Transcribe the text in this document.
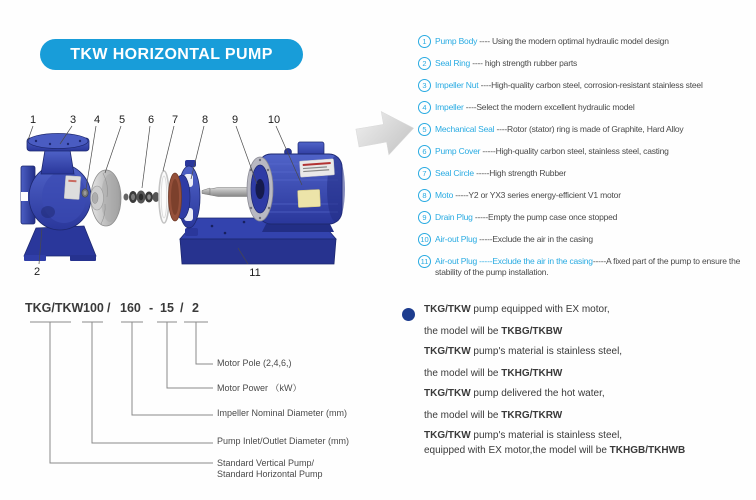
TKW HORIZONTAL PUMP
1	3 4 5 6 7 8 9	10
2	11
1 Pump Body ---- Using the modern optimal hydraulic model design
2 Seal Ring ---- high strength rubber parts
3 Impeller Nut ----High-quality carbon steel, corrosion-resistant stainless steel
4 Impeller ----Select the modern excellent hydraulic model
5 Mechanical Seal ----Rotor (stator) ring is made of Graphite, Hard Alloy
6 Pump Cover -----High-quality carbon steel, stainless steel, casting
7 Seal Circle -----High strength Rubber
8 Moto -----Y2 or YX3 series energy-efficient V1 motor
9 Drain Plug -----Empty the pump case once stopped
10 Air-out Plug -----Exclude the air in the casing
11 Air-out Plug -----Exclude the air in the casing-----A fixed part of the pump to ensure the stability of the pump installation.
TKG/TKW 100 / 160 - 15 / 2
Motor Pole (2,4,6,)
Motor Power （kW）
Impeller Nominal Diameter (mm)
Pump Inlet/Outlet Diameter (mm)
Standard Vertical Pump/
Standard Horizontal Pump
TKG/TKW pump equipped with EX motor,
the model will be TKBG/TKBW
TKG/TKW pump's material is stainless steel,
the model will be TKHG/TKHW
TKG/TKW pump delivered the hot water,
the model will be TKRG/TKRW
TKG/TKW pump's material is stainless steel,
equipped with EX motor,the model will be TKHGB/TKHWB
